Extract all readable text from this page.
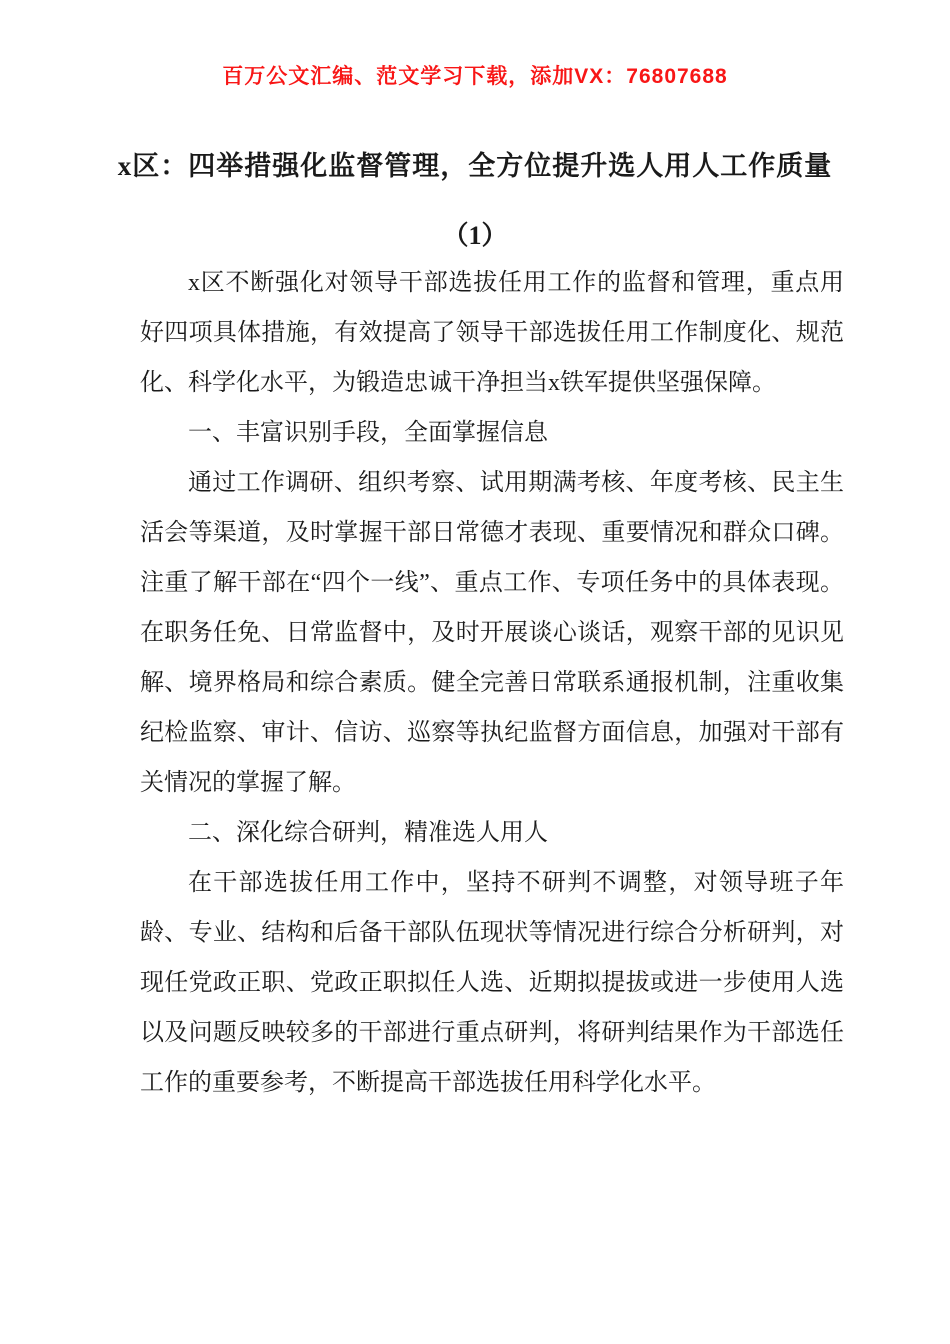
百万公文汇编、范文学习下载，添加VX：76807688
x区：四举措强化监督管理，全方位提升选人用人工作质量
（1）

x区不断强化对领导干部选拔任用工作的监督和管理，重点用好四项具体措施，有效提高了领导干部选拔任用工作制度化、规范化、科学化水平，为锻造忠诚干净担当x铁军提供坚强保障。

一、丰富识别手段，全面掌握信息

通过工作调研、组织考察、试用期满考核、年度考核、民主生活会等渠道，及时掌握干部日常德才表现、重要情况和群众口碑。注重了解干部在“四个一线”、重点工作、专项任务中的具体表现。在职务任免、日常监督中，及时开展谈心谈话，观察干部的见识见解、境界格局和综合素质。健全完善日常联系通报机制，注重收集纪检监察、审计、信访、巡察等执纪监督方面信息，加强对干部有关情况的掌握了解。

二、深化综合研判，精准选人用人

在干部选拔任用工作中，坚持不研判不调整，对领导班子年龄、专业、结构和后备干部队伍现状等情况进行综合分析研判，对现任党政正职、党政正职拟任人选、近期拟提拔或进一步使用人选以及问题反映较多的干部进行重点研判，将研判结果作为干部选任工作的重要参考，不断提高干部选拔任用科学化水平。
